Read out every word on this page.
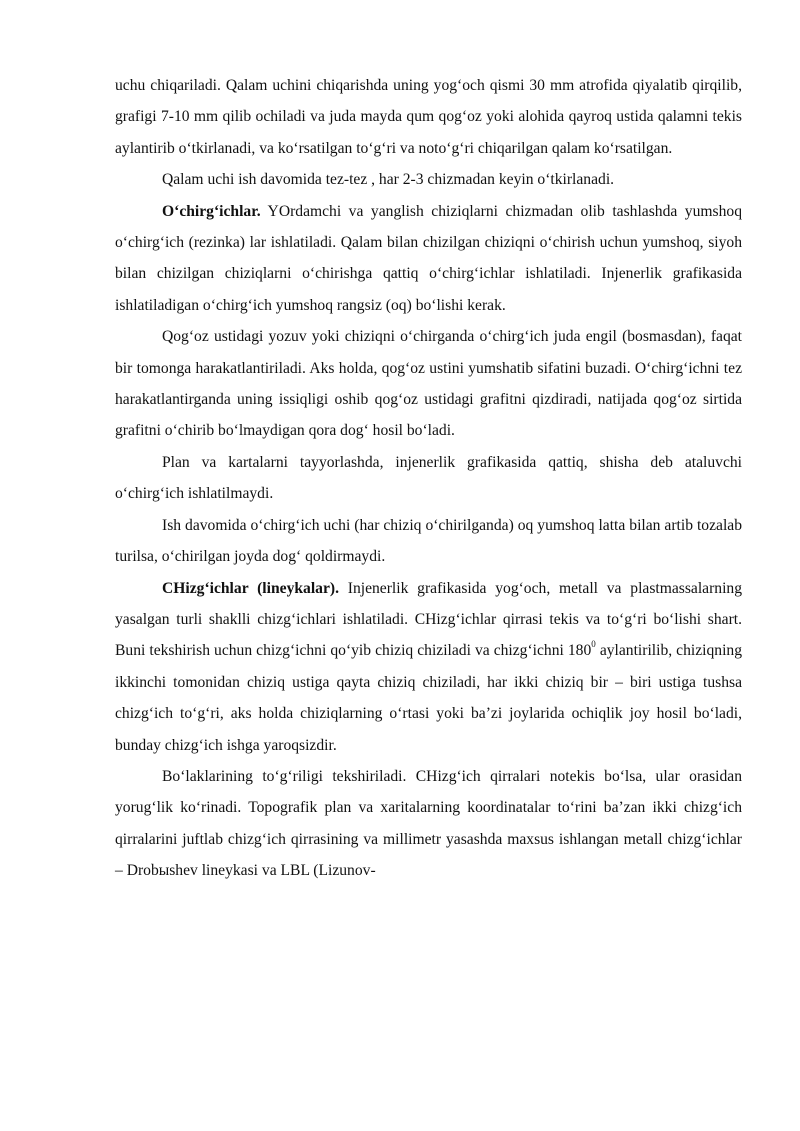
uchu chiqariladi. Qalam uchini chiqarishda uning yog‘och qismi 30 mm atrofida qiyalatib qirqilib, grafigi 7-10 mm qilib ochiladi va juda mayda qum qog‘oz yoki alohida qayroq ustida qalamni tekis aylantirib o‘tkirlanadi, va ko‘rsatilgan to‘g‘ri va noto‘g‘ri chiqarilgan qalam ko‘rsatilgan.

Qalam uchi ish davomida tez-tez , har 2-3 chizmadan keyin o‘tkirlanadi.

O‘chirg‘ichlar. YOrdamchi va yanglish chiziqlarni chizmadan olib tashlashda yumshoq o‘chirg‘ich (rezinka) lar ishlatiladi. Qalam bilan chizilgan chiziqni o‘chirish uchun yumshoq, siyoh bilan chizilgan chiziqlarni o‘chirishga qattiq o‘chirg‘ichlar ishlatiladi. Injenerlik grafikasida ishlatiladigan o‘chirg‘ich yumshoq rangsiz (oq) bo‘lishi kerak.

Qog‘oz ustidagi yozuv yoki chiziqni o‘chirganda o‘chirg‘ich juda engil (bosmasdan), faqat bir tomonga harakatlantiriladi. Aks holda, qog‘oz ustini yumshatib sifatini buzadi. O‘chirg‘ichni tez harakatlantirganda uning issiqligi oshib qog‘oz ustidagi grafitni qizdiradi, natijada qog‘oz sirtida grafitni o‘chirib bo‘lmaydigan qora dog‘ hosil bo‘ladi.

Plan va kartalarni tayyorlashda, injenerlik grafikasida qattiq, shisha deb ataluvchi o‘chirg‘ich ishlatilmaydi.

Ish davomida o‘chirg‘ich uchi (har chiziq o‘chirilganda) oq yumshoq latta bilan artib tozalab turilsa, o‘chirilgan joyda dog‘ qoldirmaydi.

CHizg‘ichlar (lineykalar). Injenerlik grafikasida yog‘och, metall va plastmassalarning yasalgan turli shaklli chizg‘ichlari ishlatiladi. CHizg‘ichlar qirrasi tekis va to‘g‘ri bo‘lishi shart. Buni tekshirish uchun chizg‘ichni qo‘yib chiziq chiziladi va chizg‘ichni $180^0$ aylantirilib, chiziqning ikkinchi tomonidan chiziq ustiga qayta chiziq chiziladi, har ikki chiziq bir – biri ustiga tushsa chizg‘ich to‘g‘ri, aks holda chiziqlarning o‘rtasi yoki ba’zi joylarida ochiqlik joy hosil bo‘ladi, bunday chizg‘ich ishga yaroqsizdir.

Bo‘laklarining to‘g‘riligi tekshiriladi. CHizg‘ich qirralari notekis bo‘lsa, ular orasidan yorug‘lik ko‘rinadi. Topografik plan va xaritalarning koordinatalar to‘rini ba’zan ikki chizg‘ich qirralarini juftlab chizg‘ich qirrasining va millimetr yasashda maxsus ishlangan metall chizg‘ichlar – Drobыshev lineykasi va LBL (Lizunov-
